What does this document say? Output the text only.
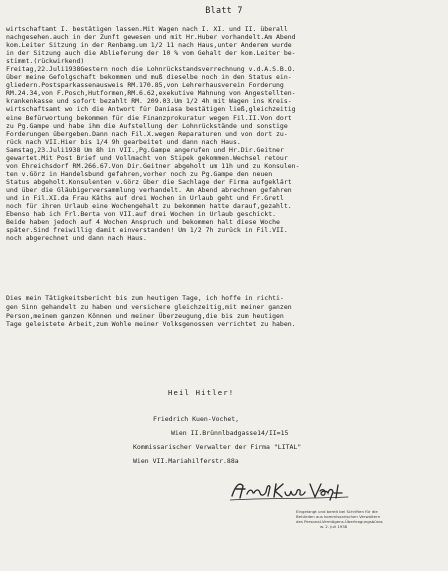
Blatt 7
wirtschaftamt I. bestätigen lassen.Mit Wagen nach I. XI. und II. überall
nachgesehen.auch in der Zunft gewesen und mit Hr.Huber vorhandelt.Am Abend
kom.Leiter Sitzung in der Renbamg.um 1/2 11 nach Haus,unter Anderem wurde
in der Sitzung auch die Ablieferung der 10 % vom Gehalt der kom.Leiter be-
stimmt.(rückwirkend)
Freitag,22.Juli1938Gestern noch die Lohnrückstandsverrechnung v.d.A.S.B.O.
über meine Gefolgschaft bekommen und muß dieselbe noch in den Status ein-
gliedern.Postsparkassenausweis RM.170.85,von Lehrerhausverein Forderung
RM.24.34,von F.Posch,Hutformen,RM.6.62,exekutive Mahnung von Angestellten-
krankenkasse und sofort bezahlt RM. 209.03.Um 1/2 4h mit Wagen ins Kreis-
wirtschaftsamt wo ich die Antwort für Daniasa bestätigen ließ,gleichzeitig
eine Befürwortung bekommen für die Finanzprokuratur wegen Fil.II.Von dort
zu Pg.Gampe und habe ihm die Aufstellung der Lohnrückstände und sonstige
Forderungen übergeben.Dann nach Fil.X.wegen Reparaturen und von dort zu-
rück nach VII.Hier bis 1/4 9h gearbeitet und dann nach Haus.
Samstag,23.Juli1938 Um 8h in VII.,Pg.Gampe angerufen und Hr.Dir.Geitner
gewartet.Mit Post Brief und Vollmacht von Stipek gekommen.Wechsel retour
von Ehreichsdorf RM.266.67.Von Dir.Geitner abgeholt um 11h und zu Konsulen-
ten v.Görz in Handelsbund gefahren,vorher noch zu Pg.Gampe den neuen
Status abgeholt.Konsulenten v.Görz über die Sachlage der Firma aufgeklärt
und über die Gläubigerversammlung verhandelt. Am Abend abrechnen gefahren
und in Fil.XI.da Frau Käths auf drei Wochen in Urlaub geht und Fr.Gretl
noch für ihren Urlaub eine Wochengehalt zu bekommen hatte darauf,gezahlt.
Ebenso hab ich Frl.Berta von VII.auf drei Wochen in Urlaub geschickt.
Beide haben jedoch auf 4 Wochen Anspruch und bekommen halt diese Woche
später.Sind freiwillig damit einverstanden! Um 1/2 7h zurück in Fil.VII.
noch abgerechnet und dann nach Haus.
Dies mein Tätigkeitsbericht bis zum heutigen Tage, ich hoffe in richti-
gen Sinn gehandelt zu haben und versichere gleichzeitig,mit meiner ganzen
Person,meinem ganzen Können und meiner Überzeugung,die bis zum heutigen
Tage geleistete Arbeit,zum Wohle meiner Volksgenossen verrichtet zu haben.
Heil Hitler!
Friedrich Kuen-Vochet,
Wien II.Brünnlbadgasse14/II=15
Kommissarischer Verwalter der Firma "LITAL"
Wien VII.Mariahilferstr.88a
Eingelangt und bereit bei Schriften für die
Behörden aus kommissarischen Verwaltern
des Personal-Vermögens-Übertragungsbüros
w. 2. Juli 1938
